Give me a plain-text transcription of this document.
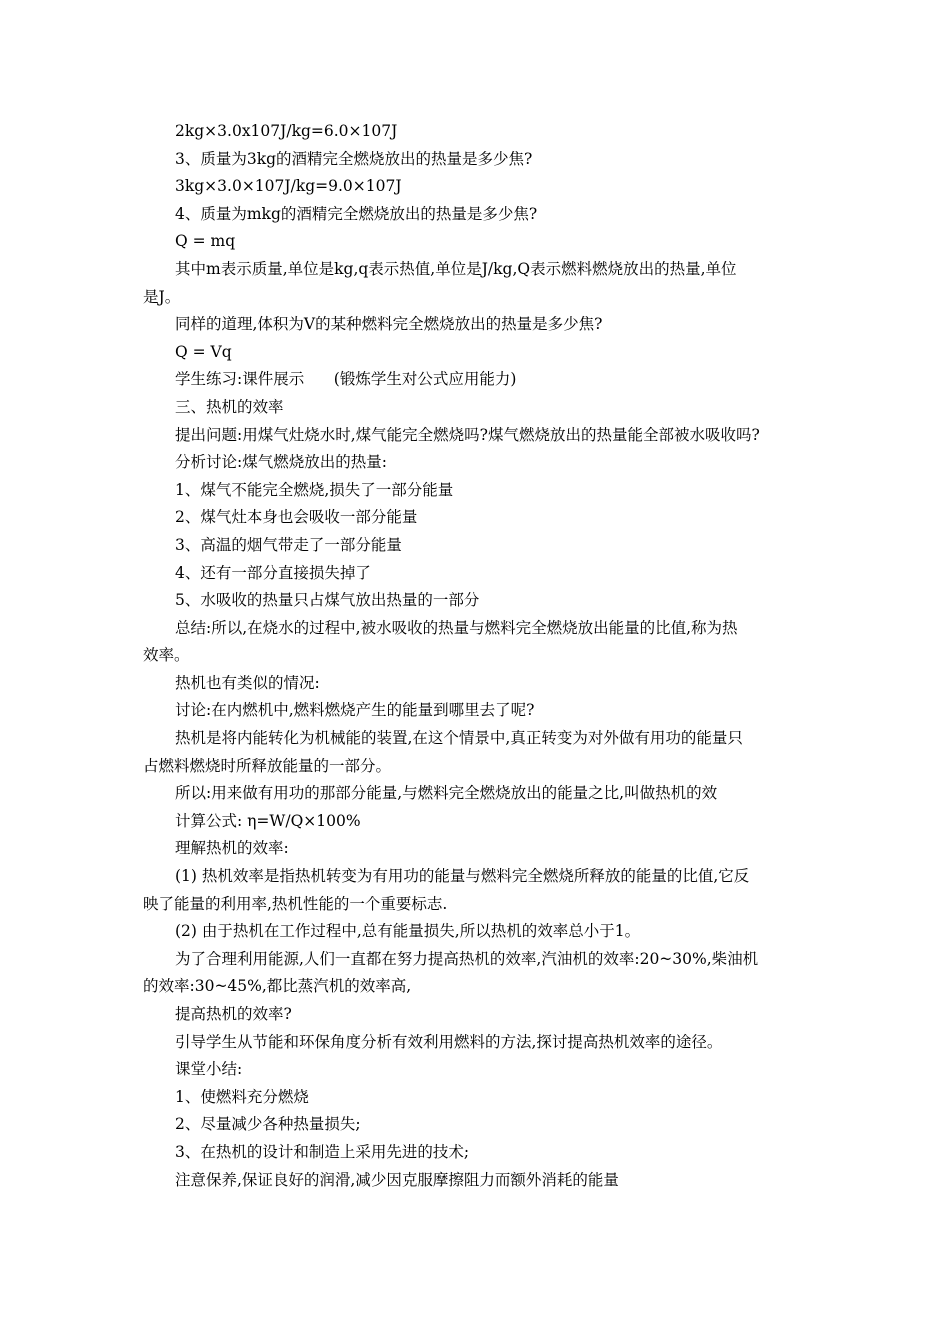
2kg×3.0x107J/kg=6.0×107J
3、质量为3kg的酒精完全燃烧放出的热量是多少焦?
3kg×3.0×107J/kg=9.0×107J
4、质量为mkg的酒精完全燃烧放出的热量是多少焦?
Q = mq
其中m表示质量,单位是kg,q表示热值,单位是J/kg,Q表示燃料燃烧放出的热量,单位
是J。
同样的道理,体积为V的某种燃料完全燃烧放出的热量是多少焦?
Q = Vq
学生练习:课件展示      (锻炼学生对公式应用能力)
三、热机的效率
提出问题:用煤气灶烧水时,煤气能完全燃烧吗?煤气燃烧放出的热量能全部被水吸收吗?
分析讨论:煤气燃烧放出的热量:
1、煤气不能完全燃烧,损失了一部分能量
2、煤气灶本身也会吸收一部分能量
3、高温的烟气带走了一部分能量
4、还有一部分直接损失掉了
5、水吸收的热量只占煤气放出热量的一部分
总结:所以,在烧水的过程中,被水吸收的热量与燃料完全燃烧放出能量的比值,称为热
效率。
热机也有类似的情况:
讨论:在内燃机中,燃料燃烧产生的能量到哪里去了呢?
热机是将内能转化为机械能的装置,在这个情景中,真正转变为对外做有用功的能量只
占燃料燃烧时所释放能量的一部分。
所以:用来做有用功的那部分能量,与燃料完全燃烧放出的能量之比,叫做热机的效
计算公式: η=W/Q×100%
理解热机的效率:
(1) 热机效率是指热机转变为有用功的能量与燃料完全燃烧所释放的能量的比值,它反
映了能量的利用率,热机性能的一个重要标志.
(2) 由于热机在工作过程中,总有能量损失,所以热机的效率总小于1。
为了合理利用能源,人们一直都在努力提高热机的效率,汽油机的效率:20~30%,柴油机
的效率:30~45%,都比蒸汽机的效率高,
提高热机的效率?
引导学生从节能和环保角度分析有效利用燃料的方法,探讨提高热机效率的途径。
课堂小结:
1、使燃料充分燃烧
2、尽量减少各种热量损失;
3、在热机的设计和制造上采用先进的技术;
注意保养,保证良好的润滑,减少因克服摩擦阻力而额外消耗的能量
